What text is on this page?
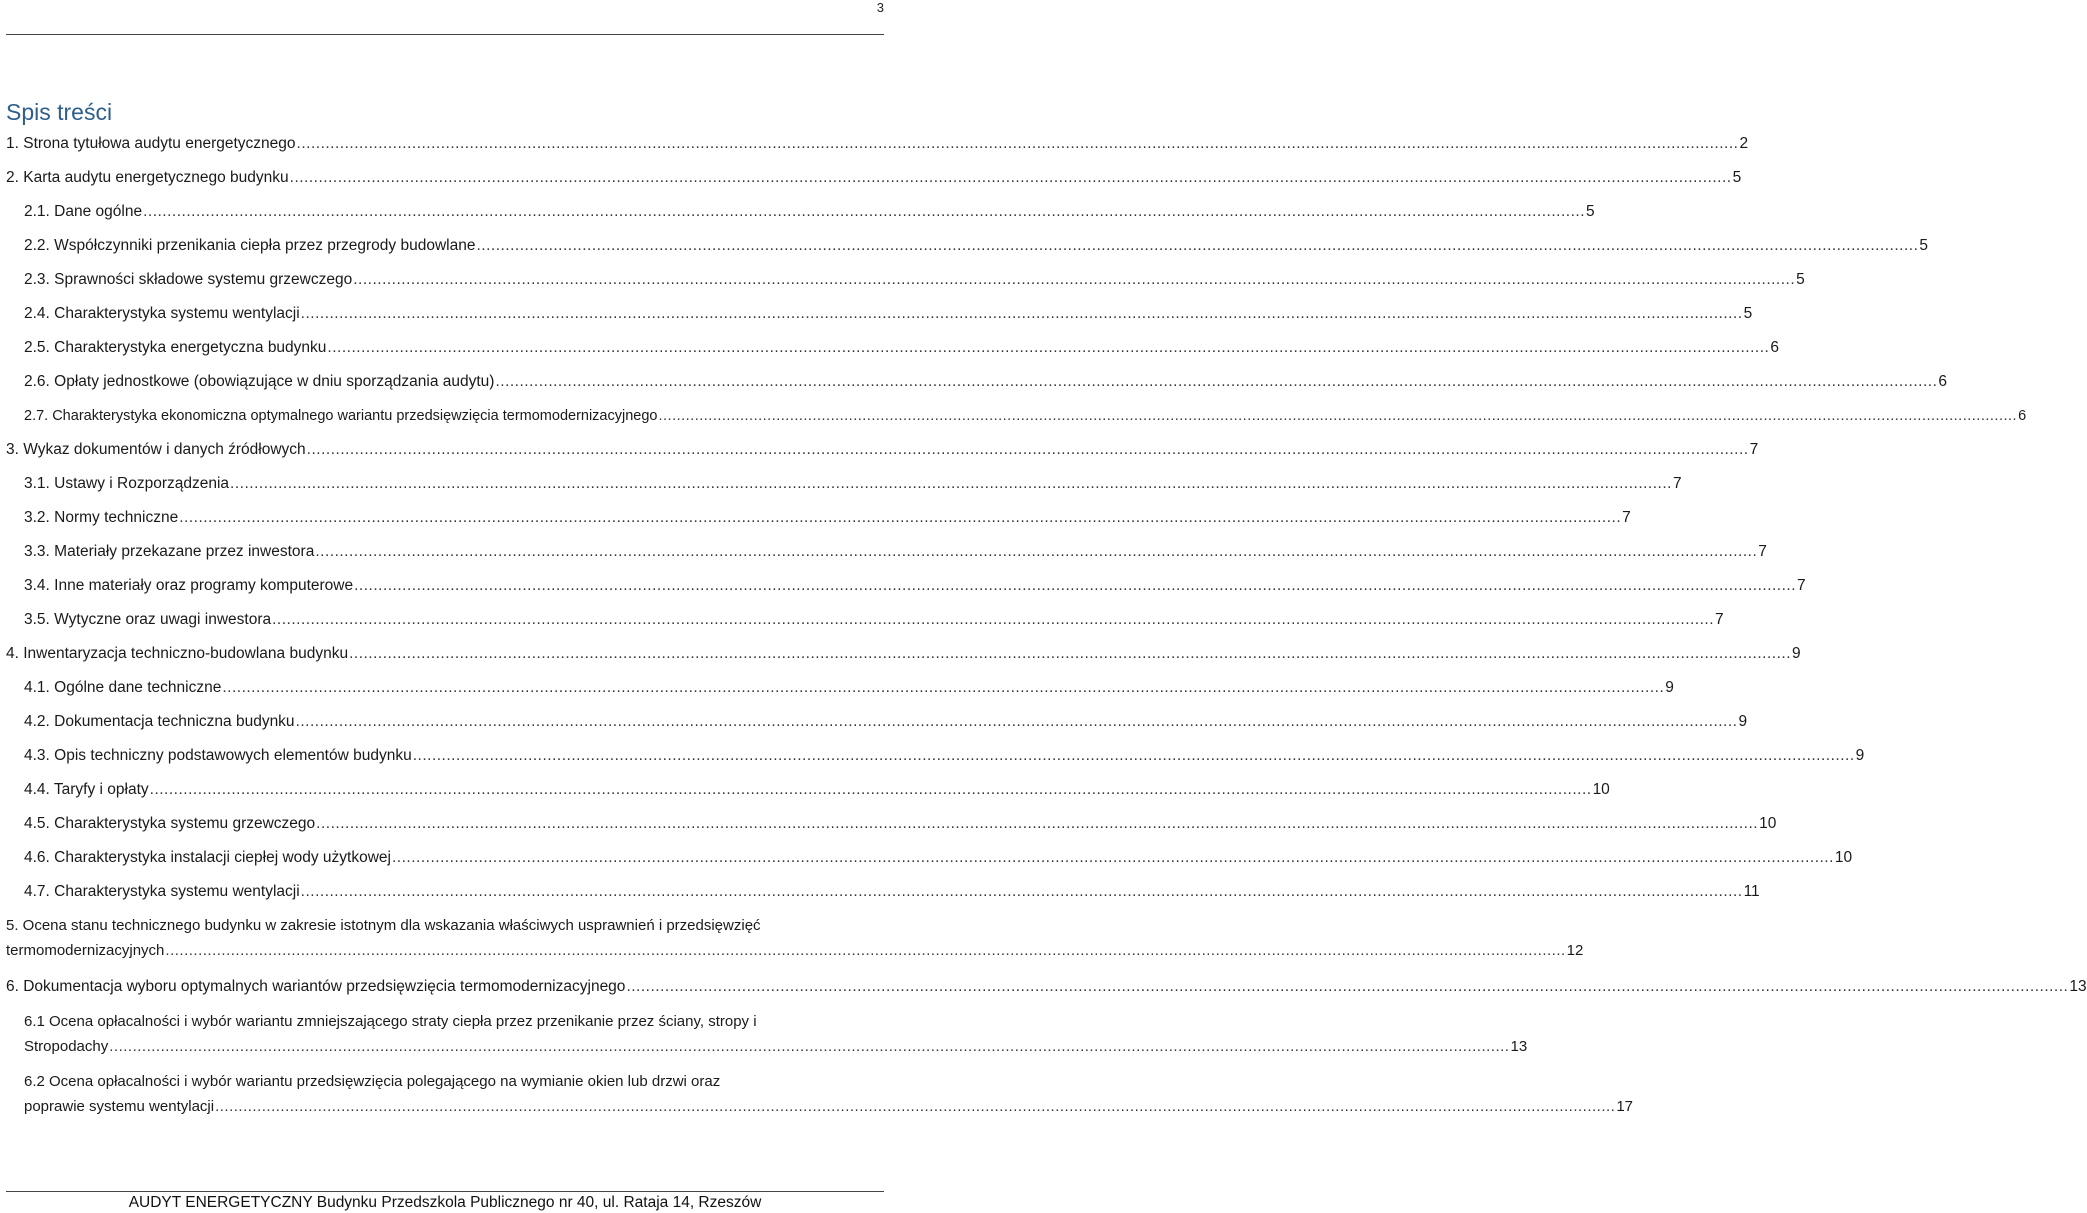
3
Spis treści
1. Strona tytułowa audytu energetycznego ............................................................................................................................................................................................................................................................................................................ 2
2. Karta audytu energetycznego budynku ............................................................................................................................................................................................................................................................................................................ 5
2.1. Dane ogólne ............................................................................................................................................................................................................................................................................................................ 5
2.2. Współczynniki przenikania ciepła przez przegrody budowlane ............................................................................................................................................................................................................................................................................................................ 5
2.3. Sprawności składowe systemu grzewczego ............................................................................................................................................................................................................................................................................................................ 5
2.4. Charakterystyka systemu wentylacji ............................................................................................................................................................................................................................................................................................................ 5
2.5. Charakterystyka energetyczna budynku ............................................................................................................................................................................................................................................................................................................ 6
2.6. Opłaty jednostkowe (obowiązujące w dniu sporządzania audytu) ............................................................................................................................................................................................................................................................................................................ 6
2.7. Charakterystyka ekonomiczna optymalnego wariantu przedsięwzięcia termomodernizacyjnego ............................................................................................................................................................................................................................................................................................................ 6
3. Wykaz dokumentów i danych źródłowych ............................................................................................................................................................................................................................................................................................................ 7
3.1. Ustawy i Rozporządzenia ............................................................................................................................................................................................................................................................................................................ 7
3.2. Normy techniczne ............................................................................................................................................................................................................................................................................................................ 7
3.3. Materiały przekazane przez inwestora ............................................................................................................................................................................................................................................................................................................ 7
3.4. Inne materiały oraz programy komputerowe ............................................................................................................................................................................................................................................................................................................ 7
3.5. Wytyczne oraz uwagi inwestora ............................................................................................................................................................................................................................................................................................................ 7
4. Inwentaryzacja techniczno-budowlana budynku ............................................................................................................................................................................................................................................................................................................ 9
4.1. Ogólne dane techniczne ............................................................................................................................................................................................................................................................................................................ 9
4.2. Dokumentacja techniczna budynku ............................................................................................................................................................................................................................................................................................................ 9
4.3. Opis techniczny podstawowych elementów budynku ............................................................................................................................................................................................................................................................................................................ 9
4.4. Taryfy i opłaty ............................................................................................................................................................................................................................................................................................................ 10
4.5. Charakterystyka systemu grzewczego ............................................................................................................................................................................................................................................................................................................ 10
4.6. Charakterystyka instalacji ciepłej wody użytkowej ............................................................................................................................................................................................................................................................................................................ 10
4.7. Charakterystyka systemu wentylacji ............................................................................................................................................................................................................................................................................................................ 11
5. Ocena stanu technicznego budynku w zakresie istotnym dla wskazania właściwych usprawnień i przedsięwzięć
termomodernizacyjnych ............................................................................................................................................................................................................................................................................................................ 12
6. Dokumentacja wyboru optymalnych wariantów przedsięwzięcia termomodernizacyjnego ............................................................................................................................................................................................................................................................................................................ 13
6.1 Ocena opłacalności i wybór wariantu zmniejszającego straty ciepła przez przenikanie przez ściany, stropy i
Stropodachy ............................................................................................................................................................................................................................................................................................................ 13
6.2 Ocena opłacalności i wybór wariantu przedsięwzięcia polegającego na wymianie okien lub drzwi oraz
poprawie systemu wentylacji ............................................................................................................................................................................................................................................................................................................ 17
AUDYT ENERGETYCZNY Budynku Przedszkola Publicznego nr 40, ul. Rataja 14, Rzeszów
